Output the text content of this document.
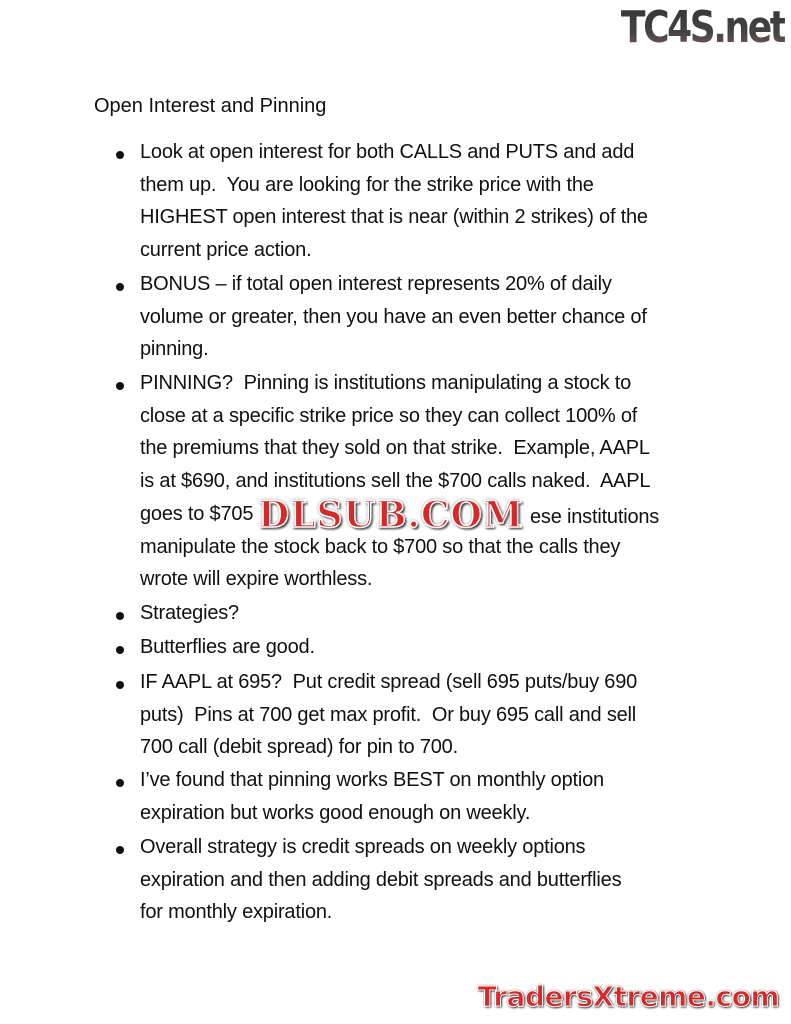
TC4S.net
Open Interest and Pinning
Look at open interest for both CALLS and PUTS and add
them up.  You are looking for the strike price with the
HIGHEST open interest that is near (within 2 strikes) of the
current price action.
BONUS – if total open interest represents 20% of daily
volume or greater, then you have an even better chance of
pinning.
PINNING?  Pinning is institutions manipulating a stock to
close at a specific strike price so they can collect 100% of
the premiums that they sold on that strike.  Example, AAPL
is at $690, and institutions sell the $700 calls naked.  AAPL
goes to $705
manipulate the stock back to $700 so that the calls they
wrote will expire worthless.
Strategies?
Butterflies are good.
IF AAPL at 695?  Put credit spread (sell 695 puts/buy 690
puts)  Pins at 700 get max profit.  Or buy 695 call and sell
700 call (debit spread) for pin to 700.
I’ve found that pinning works BEST on monthly option
expiration but works good enough on weekly.
Overall strategy is credit spreads on weekly options
expiration and then adding debit spreads and butterflies
for monthly expiration.
ese institutions
DLSUB.COM
TradersXtreme.com
